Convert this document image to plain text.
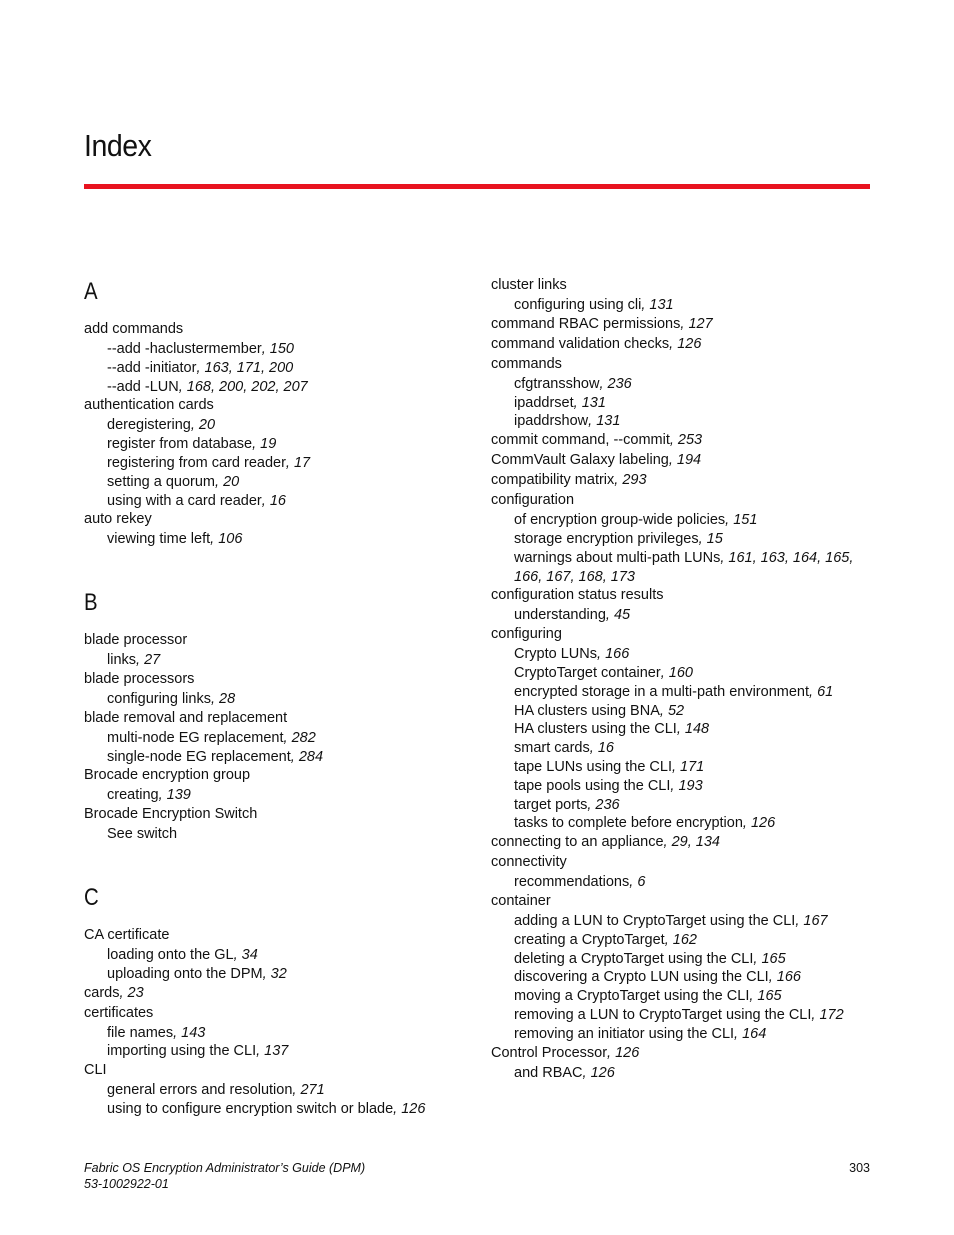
Index
A
add commands
--add -haclustermember, 150
--add -initiator, 163, 171, 200
--add -LUN, 168, 200, 202, 207
authentication cards
deregistering, 20
register from database, 19
registering from card reader, 17
setting a quorum, 20
using with a card reader, 16
auto rekey
viewing time left, 106
B
blade processor
links, 27
blade processors
configuring links, 28
blade removal and replacement
multi-node EG replacement, 282
single-node EG replacement, 284
Brocade encryption group
creating, 139
Brocade Encryption Switch
See switch
C
CA certificate
loading onto the GL, 34
uploading onto the DPM, 32
cards, 23
certificates
file names, 143
importing using the CLI, 137
CLI
general errors and resolution, 271
using to configure encryption switch or blade, 126
cluster links
configuring using cli, 131
command RBAC permissions, 127
command validation checks, 126
commands
cfgtransshow, 236
ipaddrset, 131
ipaddrshow, 131
commit command, --commit, 253
CommVault Galaxy labeling, 194
compatibility matrix, 293
configuration
of encryption group-wide policies, 151
storage encryption privileges, 15
warnings about multi-path LUNs, 161, 163, 164, 165, 166, 167, 168, 173
configuration status results
understanding, 45
configuring
Crypto LUNs, 166
CryptoTarget container, 160
encrypted storage in a multi-path environment, 61
HA clusters using BNA, 52
HA clusters using the CLI, 148
smart cards, 16
tape LUNs using the CLI, 171
tape pools using the CLI, 193
target ports, 236
tasks to complete before encryption, 126
connecting to an appliance, 29, 134
connectivity
recommendations, 6
container
adding a LUN to CryptoTarget using the CLI, 167
creating a CryptoTarget, 162
deleting a CryptoTarget using the CLI, 165
discovering a Crypto LUN using the CLI, 166
moving a CryptoTarget using the CLI, 165
removing a LUN to CryptoTarget using the CLI, 172
removing an initiator using the CLI, 164
Control Processor, 126
and RBAC, 126
Fabric OS Encryption Administrator’s Guide (DPM)
53-1002922-01
303
